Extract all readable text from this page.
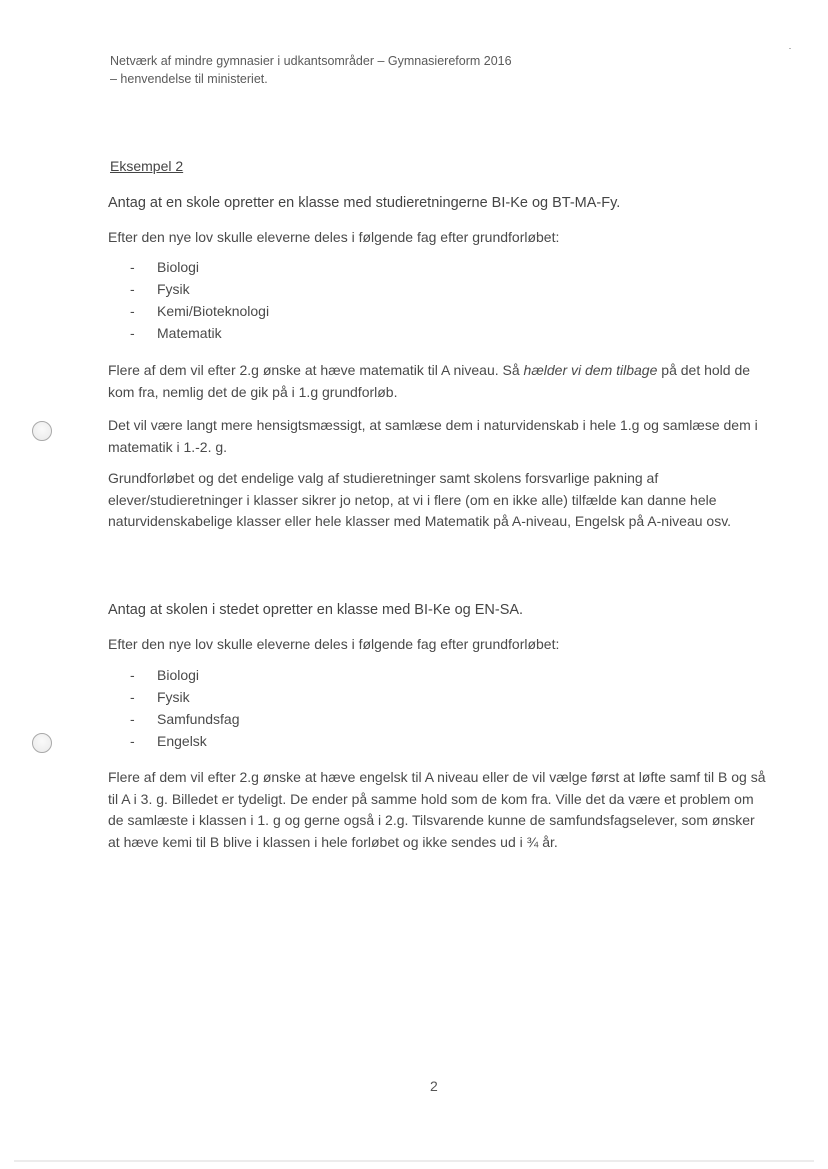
Netværk af mindre gymnasier i udkantsområder – Gymnasiereform 2016
– henvendelse til ministeriet.
Eksempel 2
Antag at en skole opretter en klasse med studieretningerne BI-Ke og BT-MA-Fy.
Efter den nye lov skulle eleverne deles i følgende fag efter grundforløbet:
- Biologi
- Fysik
- Kemi/Bioteknologi
- Matematik
Flere af dem vil efter 2.g ønske at hæve matematik til A niveau. Så hælder vi dem tilbage på det hold de kom fra, nemlig det de gik på i 1.g grundforløb.
Det vil være langt mere hensigtsmæssigt, at samlæse dem i naturvidenskab i hele 1.g og samlæse dem i matematik i 1.-2. g.
Grundforløbet og det endelige valg af studieretninger samt skolens forsvarlige pakning af elever/studieretninger i klasser sikrer jo netop, at vi i flere (om en ikke alle) tilfælde kan danne hele naturvidenskabelige klasser eller hele klasser med Matematik på A-niveau, Engelsk på A-niveau osv.
Antag at skolen i stedet opretter en klasse med BI-Ke og EN-SA.
Efter den nye lov skulle eleverne deles i følgende fag efter grundforløbet:
- Biologi
- Fysik
- Samfundsfag
- Engelsk
Flere af dem vil efter 2.g ønske at hæve engelsk til A niveau eller de vil vælge først at løfte samf til B og så til A i 3. g. Billedet er tydeligt. De ender på samme hold som de kom fra. Ville det da være et problem om de samlæste i klassen i 1. g og gerne også i 2.g. Tilsvarende kunne de samfundsfagselever, som ønsker at hæve kemi til B blive i klassen i hele forløbet og ikke sendes ud i ¾ år.
2
